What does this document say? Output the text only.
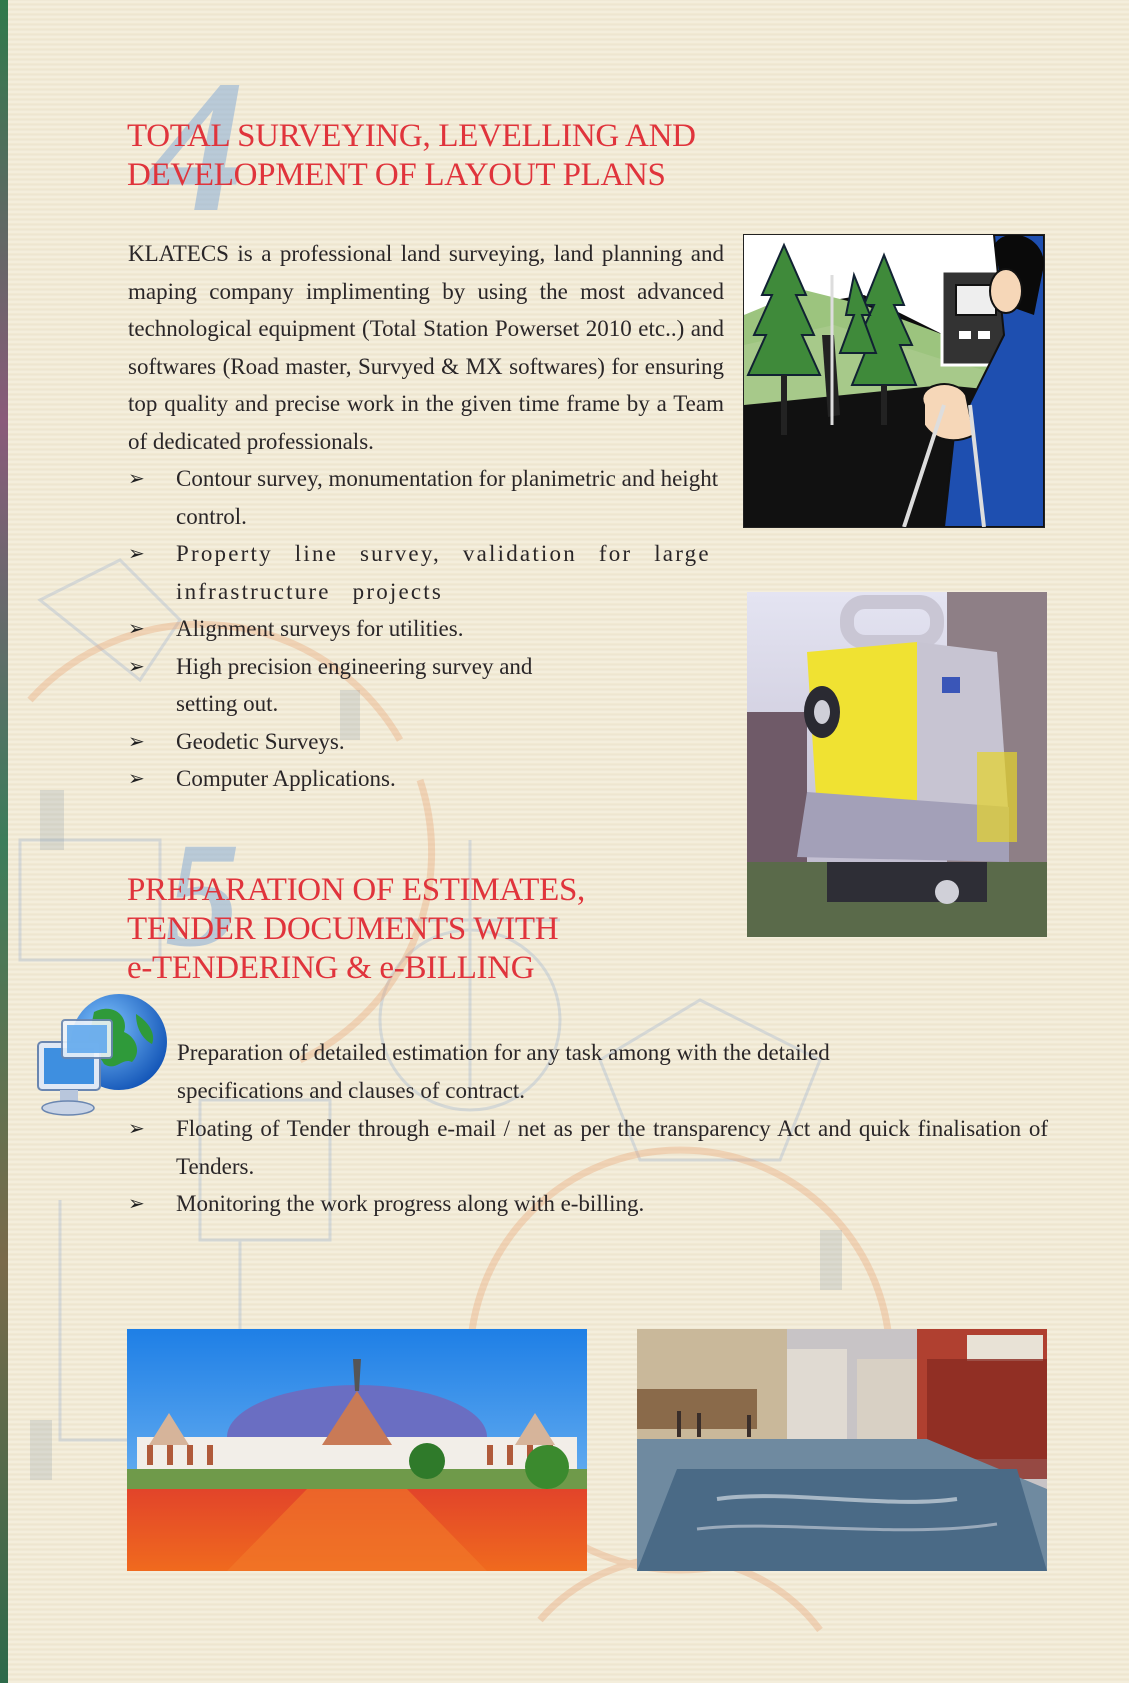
4
TOTAL SURVEYING, LEVELLING AND
DEVELOPMENT OF LAYOUT PLANS

KLATECS is a professional land surveying, land planning and maping company implimenting by using the most advanced technological equipment (Total Station Powerset 2010 etc..) and softwares (Road master, Survyed & MX softwares) for ensuring top quality and precise work in the given time frame by a Team of dedicated professionals.

➢ Contour survey, monumentation for planimetric and height control.
➢ Property line survey, validation for large infrastructure projects
➢ Alignment surveys for utilities.
➢ High precision engineering survey and setting out.
➢ Geodetic Surveys.
➢ Computer Applications.
5
PREPARATION OF ESTIMATES,
TENDER DOCUMENTS WITH
e-TENDERING & e-BILLING

Preparation of detailed estimation for any task among with the detailed specifications and clauses of contract.

➢ Floating of Tender through e-mail / net as per the transparency Act and quick finalisation of Tenders.
➢ Monitoring the work progress along with e-billing.
